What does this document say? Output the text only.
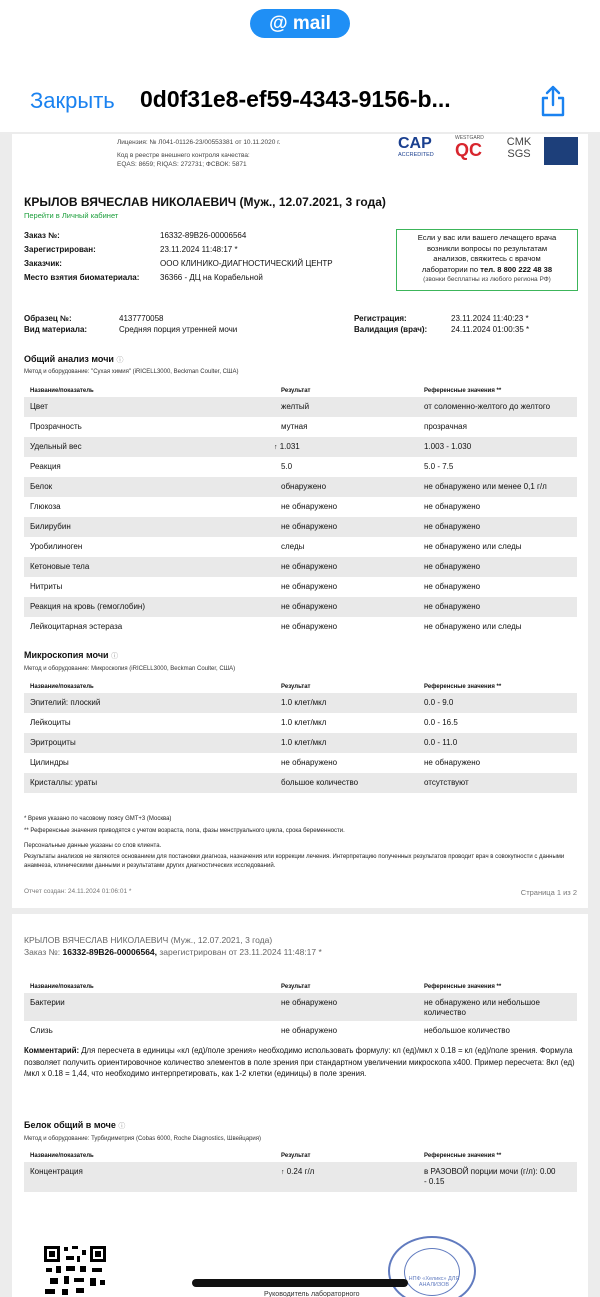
@ mail
Закрыть 0d0f31e8-ef59-4343-9156-b...
Лицензия: № Л041-01126-23/00553381 от 10.11.2020 г.
Код в реестре внешнего контроля качества:
EQAS: 8659; RIQAS: 272731; ФСВОК: 5871
CAP
ACCREDITED
WESTGARD
QC	CMK
SGS
КРЫЛОВ ВЯЧЕСЛАВ НИКОЛАЕВИЧ (Муж., 12.07.2021, 3 года)
Перейти в Личный кабинет
Заказ №:	16332-89В26-00006564
Зарегистрирован:	23.11.2024 11:48:17 *
Заказчик:	ООО КЛИНИКО-ДИАГНОСТИЧЕСКИЙ ЦЕНТР
Место взятия биоматериала:	36366 - ДЦ на Корабельной
Если у вас или вашего лечащего врача
возникли вопросы по результатам
анализов, свяжитесь с врачом
лаборатории по тел. 8 800 222 48 38
(звонки бесплатны из любого региона РФ)
Образец №:	4137770058	Регистрация:	23.11.2024 11:40:23 *
Вид материала:	Средняя порция утренней мочи	Валидация (врач):	24.11.2024 01:00:35 *
Общий анализ мочи ⓘ
Метод и оборудование: "Сухая химия" (iRICELL3000, Beckman Coulter, США)
Название/показатель	Результат	Референсные значения **
Цвет	желтый	от соломенно-желтого до желтого
Прозрачность	мутная	прозрачная
Удельный вес	↑ 1.031	1.003 - 1.030
Реакция	5.0	5.0 - 7.5
Белок	обнаружено	не обнаружено или менее 0,1 г/л
Глюкоза	не обнаружено	не обнаружено
Билирубин	не обнаружено	не обнаружено
Уробилиноген	следы	не обнаружено или следы
Кетоновые тела	не обнаружено	не обнаружено
Нитриты	не обнаружено	не обнаружено
Реакция на кровь (гемоглобин)	не обнаружено	не обнаружено
Лейкоцитарная эстераза	не обнаружено	не обнаружено или следы
Микроскопия мочи ⓘ
Метод и оборудование: Микроскопия (iRICELL3000, Beckman Coulter, США)
Название/показатель	Результат	Референсные значения **
Эпителий: плоский	1.0 клет/мкл	0.0 - 9.0
Лейкоциты	1.0 клет/мкл	0.0 - 16.5
Эритроциты	1.0 клет/мкл	0.0 - 11.0
Цилиндры	не обнаружено	не обнаружено
Кристаллы: ураты	большое количество	отсутствуют
* Время указано по часовому поясу GMT+3 (Москва)
** Референсные значения приводятся с учетом возраста, пола, фазы менструального цикла, срока беременности.
Персональные данные указаны со слов клиента.
Результаты анализов не являются основанием для постановки диагноза, назначения или коррекции лечения. Интерпретацию полученных результатов проводит врач в совокупности с данными анамнеза, клиническими данными и результатами других диагностических исследований.
Отчет создан: 24.11.2024 01:06:01 *	Страница 1 из 2
КРЫЛОВ ВЯЧЕСЛАВ НИКОЛАЕВИЧ (Муж., 12.07.2021, 3 года)
Заказ №: 16332-89В26-00006564, зарегистрирован от 23.11.2024 11:48:17 *
Название/показатель	Результат	Референсные значения **
Бактерии	не обнаружено	не обнаружено или небольшое
количество
Слизь	не обнаружено	небольшое количество
Комментарий: Для пересчета в единицы «кл (ед)/поле зрения» необходимо использовать формулу: кл (ед)/мкл х 0.18 = кл (ед)/поле зрения. Формула позволяет получить ориентировочное количество элементов в поле зрения при стандартном увеличении микроскопа х400. Пример пересчета: 8кл (ед) /мкл х 0.18 = 1,44, что необходимо интерпретировать, как 1-2 клетки (единицы) в поле зрения.
Белок общий в моче ⓘ
Метод и оборудование: Турбидиметрия (Cobas 6000, Roche Diagnostics, Швейцария)
Название/показатель	Результат	Референсные значения **
Концентрация	↑ 0.24 г/л	в РАЗОВОЙ порции мочи (г/л): 0.00
- 0.15
НПФ «Хеликс» ДЛЯ АНАЛИЗОВ
Руководитель лабораторного
